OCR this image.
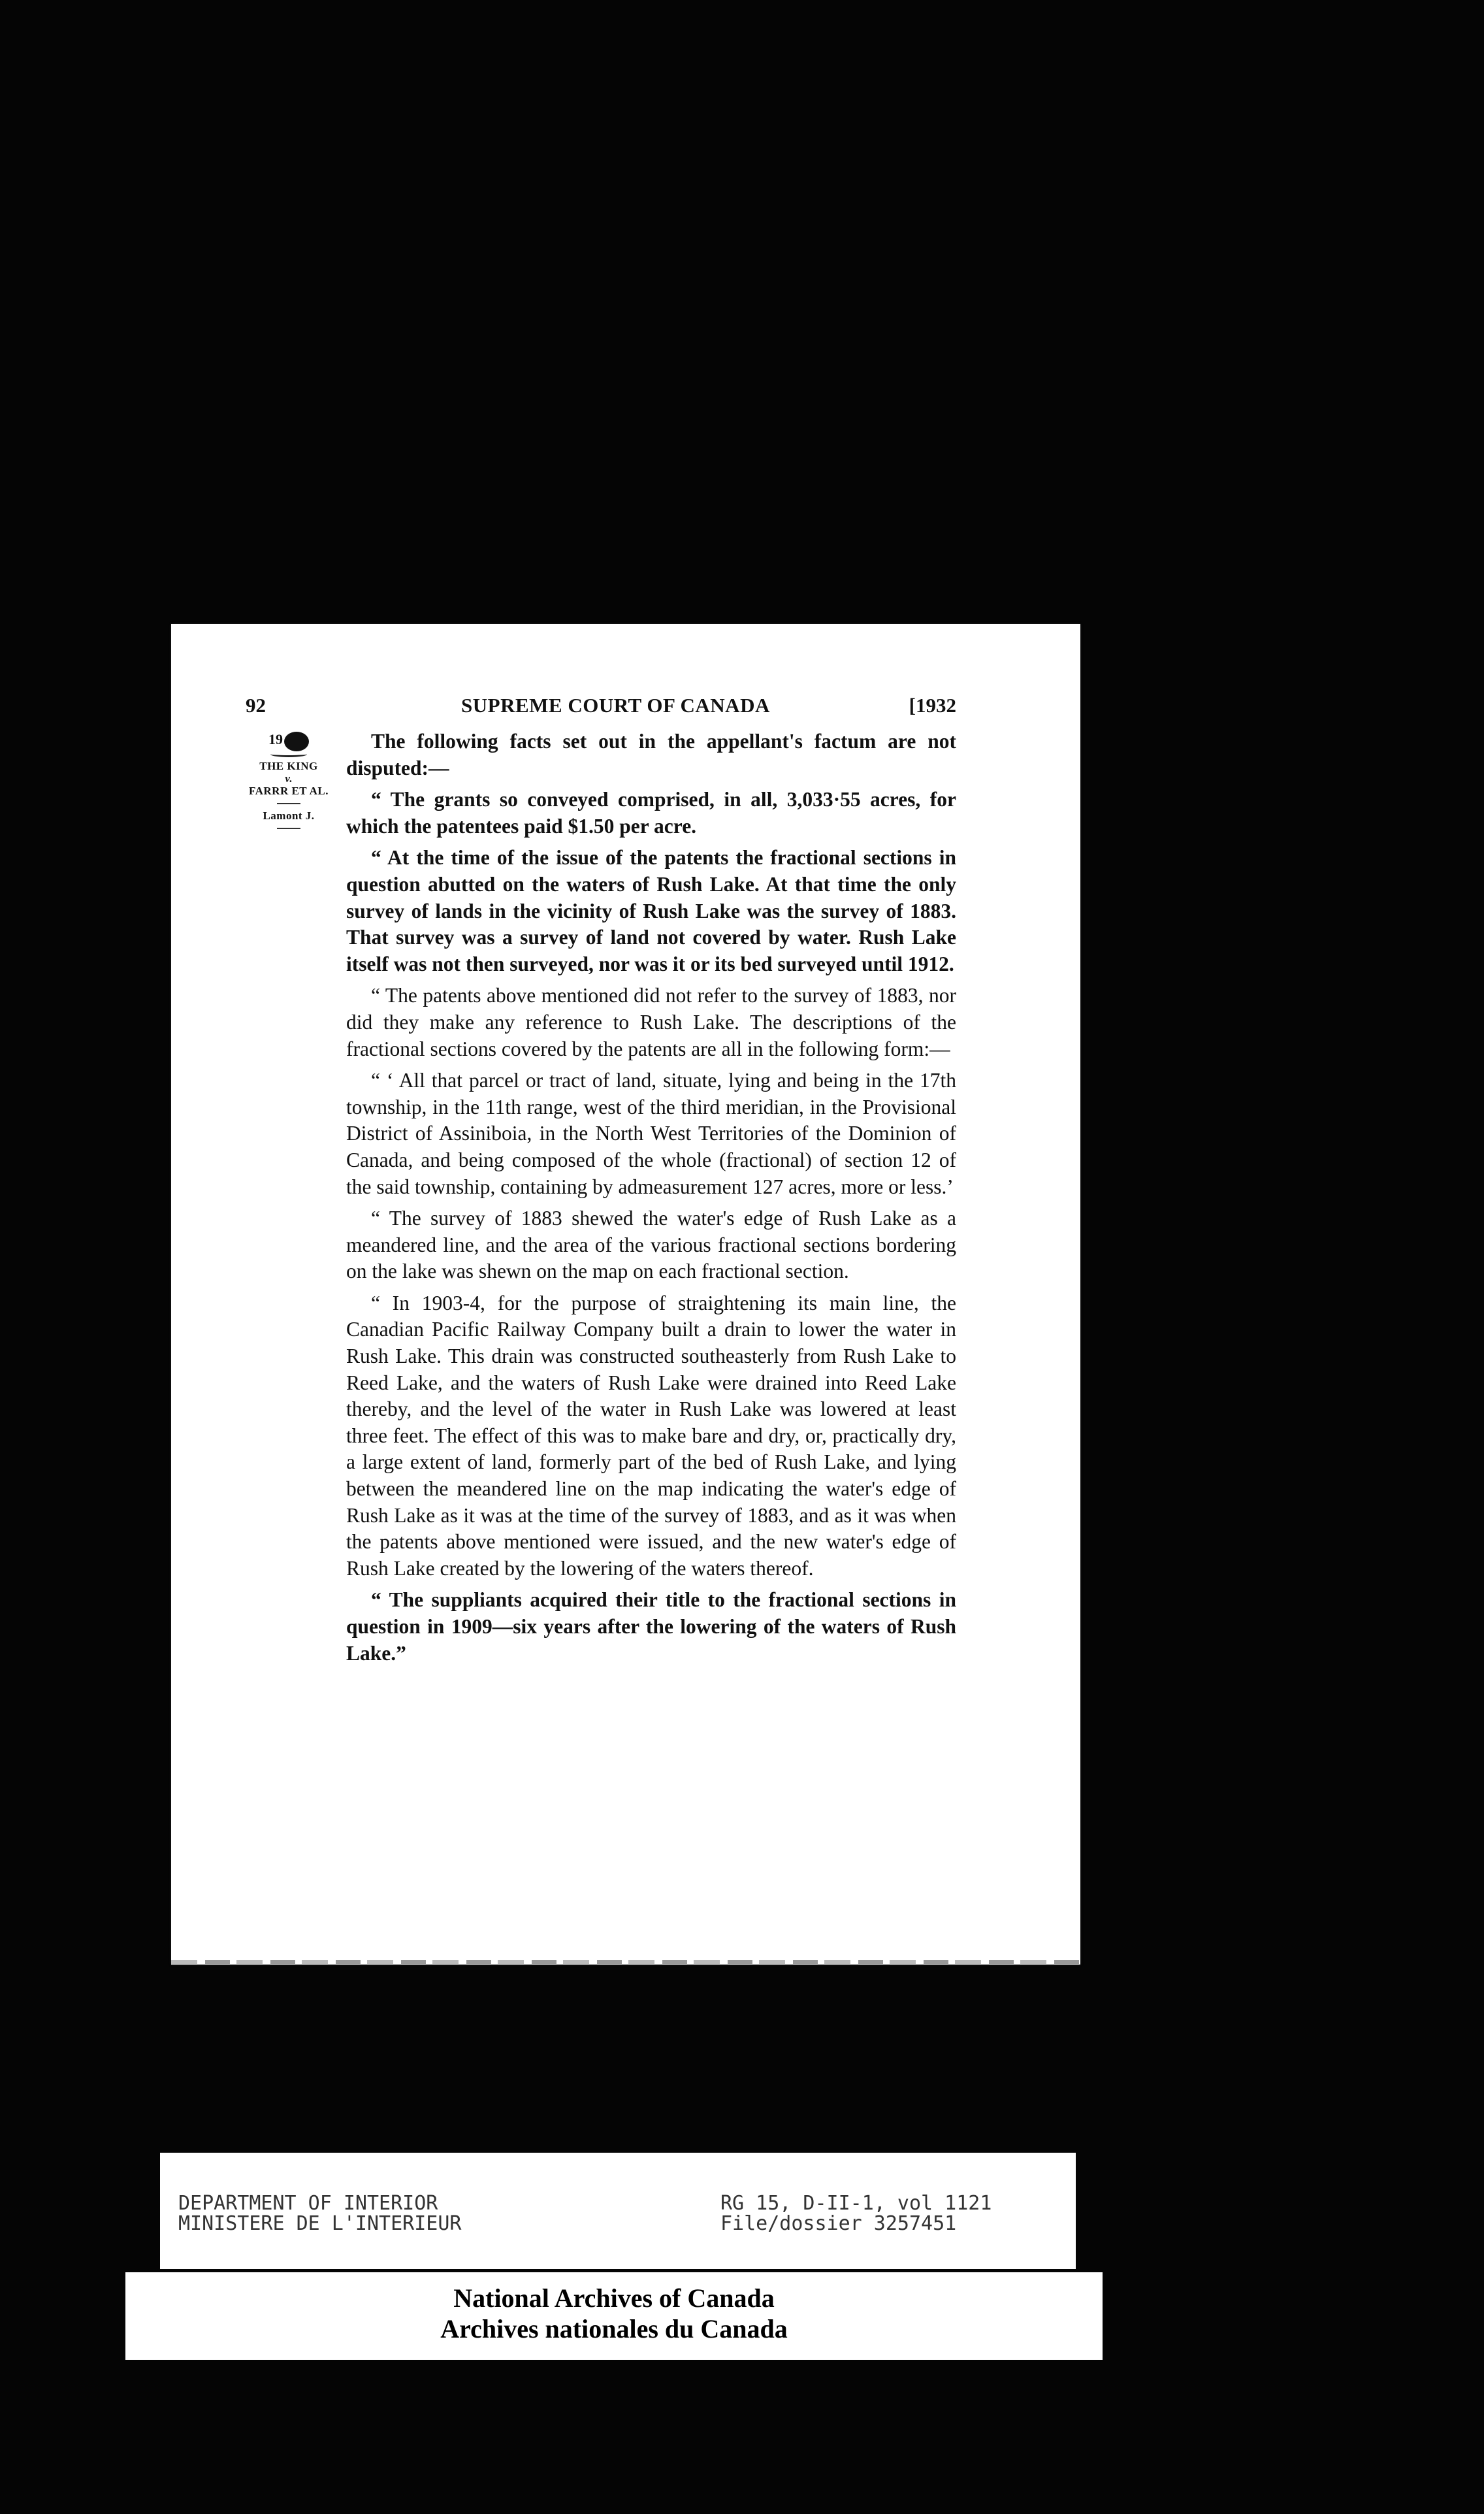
92	SUPREME COURT OF CANADA	[1932
19
THE KING
v.
FARRR ET AL.
Lamont J.

The following facts set out in the appellant's factum are not disputed:—

“ The grants so conveyed comprised, in all, 3,033·55 acres, for which the patentees paid $1.50 per acre.

“ At the time of the issue of the patents the fractional sections in question abutted on the waters of Rush Lake. At that time the only survey of lands in the vicinity of Rush Lake was the survey of 1883. That survey was a survey of land not covered by water. Rush Lake itself was not then surveyed, nor was it or its bed surveyed until 1912.

“ The patents above mentioned did not refer to the survey of 1883, nor did they make any reference to Rush Lake. The descriptions of the fractional sections covered by the patents are all in the following form:—

“ ‘ All that parcel or tract of land, situate, lying and being in the 17th township, in the 11th range, west of the third meridian, in the Provisional District of Assiniboia, in the North West Territories of the Dominion of Canada, and being composed of the whole (fractional) of section 12 of the said township, containing by admeasurement 127 acres, more or less.’

“ The survey of 1883 shewed the water's edge of Rush Lake as a meandered line, and the area of the various fractional sections bordering on the lake was shewn on the map on each fractional section.

“ In 1903-4, for the purpose of straightening its main line, the Canadian Pacific Railway Company built a drain to lower the water in Rush Lake. This drain was constructed southeasterly from Rush Lake to Reed Lake, and the waters of Rush Lake were drained into Reed Lake thereby, and the level of the water in Rush Lake was lowered at least three feet. The effect of this was to make bare and dry, or, practically dry, a large extent of land, formerly part of the bed of Rush Lake, and lying between the meandered line on the map indicating the water's edge of Rush Lake as it was at the time of the survey of 1883, and as it was when the patents above mentioned were issued, and the new water's edge of Rush Lake created by the lowering of the waters thereof.

“ The suppliants acquired their title to the fractional sections in question in 1909—six years after the lowering of the waters of Rush Lake.”

DEPARTMENT OF INTERIOR
MINISTERE DE L'INTERIEUR
RG 15, D-II-1, vol 1121
File/dossier 3257451
National Archives of Canada
Archives nationales du Canada
